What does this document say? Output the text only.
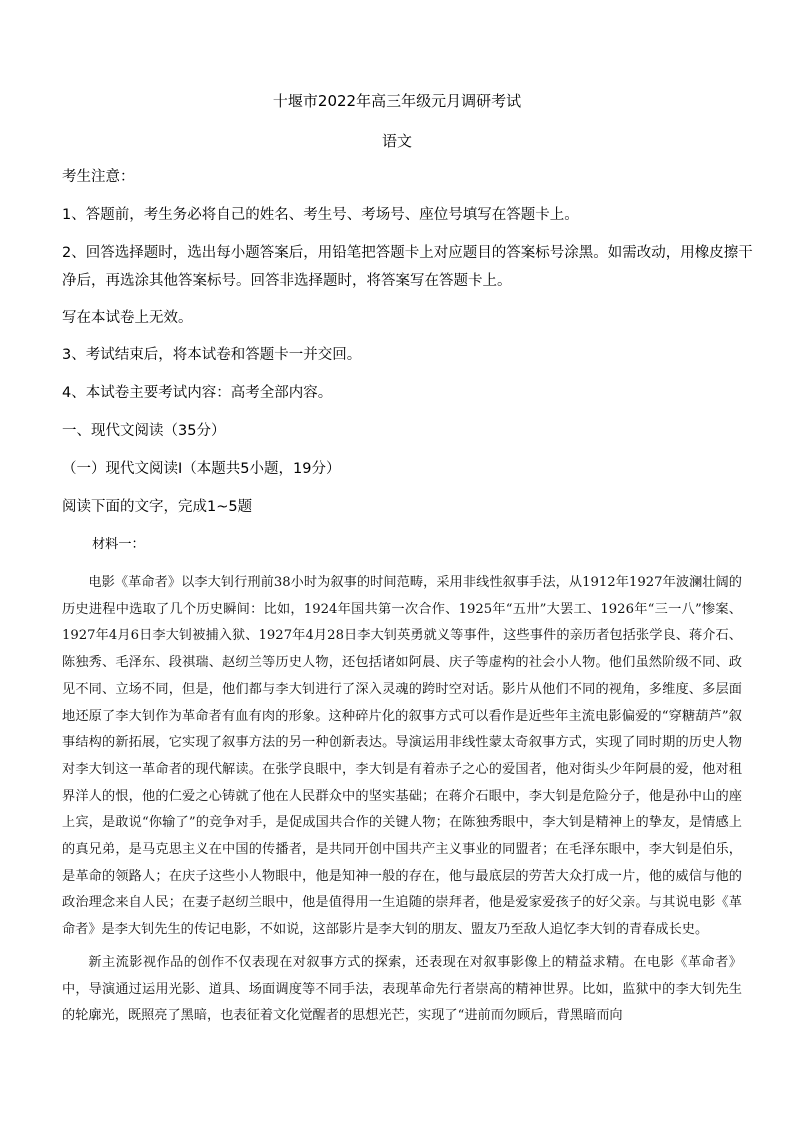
十堰市2022年高三年级元月调研考试
语文
考生注意：
1、答题前，考生务必将自己的姓名、考生号、考场号、座位号填写在答题卡上。
2、回答选择题时，选出每小题答案后，用铅笔把答题卡上对应题目的答案标号涂黑。如需改动，用橡皮擦干
净后，再选涂其他答案标号。回答非选择题时，将答案写在答题卡上。
写在本试卷上无效。
3、考试结束后，将本试卷和答题卡一并交回。
4、本试卷主要考试内容：高考全部内容。
一、现代文阅读（35分）
（一）现代文阅读Ⅰ（本题共5小题，19分）
阅读下面的文字，完成1~5题
材料一：

电影《革命者》以李大钊行刑前38小时为叙事的时间范畴，采用非线性叙事手法，从1912年1927年波澜壮阔的历史进程中选取了几个历史瞬间：比如，1924年国共第一次合作、1925年“五卅”大罢工、1926年“三一八”惨案、1927年4月6日李大钊被捕入狱、1927年4月28日李大钊英勇就义等事件，这些事件的亲历者包括张学良、蒋介石、陈独秀、毛泽东、段祺瑞、赵纫兰等历史人物，还包括诸如阿晨、庆子等虚构的社会小人物。他们虽然阶级不同、政见不同、立场不同，但是，他们都与李大钊进行了深入灵魂的跨时空对话。影片从他们不同的视角，多维度、多层面地还原了李大钊作为革命者有血有肉的形象。这种碎片化的叙事方式可以看作是近些年主流电影偏爱的“穿糖葫芦”叙事结构的新拓展，它实现了叙事方法的另一种创新表达。导演运用非线性蒙太奇叙事方式，实现了同时期的历史人物对李大钊这一革命者的现代解读。在张学良眼中，李大钊是有着赤子之心的爱国者，他对街头少年阿晨的爱，他对租界洋人的恨，他的仁爱之心铸就了他在人民群众中的坚实基础；在蒋介石眼中，李大钊是危险分子，他是孙中山的座上宾，是敢说“你输了”的竞争对手，是促成国共合作的关键人物；在陈独秀眼中，李大钊是精神上的挚友，是情感上的真兄弟，是马克思主义在中国的传播者，是共同开创中国共产主义事业的同盟者；在毛泽东眼中，李大钊是伯乐，是革命的领路人；在庆子这些小人物眼中，他是知神一般的存在，他与最底层的劳苦大众打成一片，他的威信与他的政治理念来自人民；在妻子赵纫兰眼中，他是值得用一生追随的崇拜者，他是爱家爱孩子的好父亲。与其说电影《革命者》是李大钊先生的传记电影，不如说，这部影片是李大钊的朋友、盟友乃至敌人追忆李大钊的青春成长史。

新主流影视作品的创作不仅表现在对叙事方式的探索，还表现在对叙事影像上的精益求精。在电影《革命者》中，导演通过运用光影、道具、场面调度等不同手法，表现革命先行者崇高的精神世界。比如，监狱中的李大钊先生的轮廓光，既照亮了黑暗，也表征着文化觉醒者的思想光芒，实现了“进前而勿顾后，背黑暗而向
